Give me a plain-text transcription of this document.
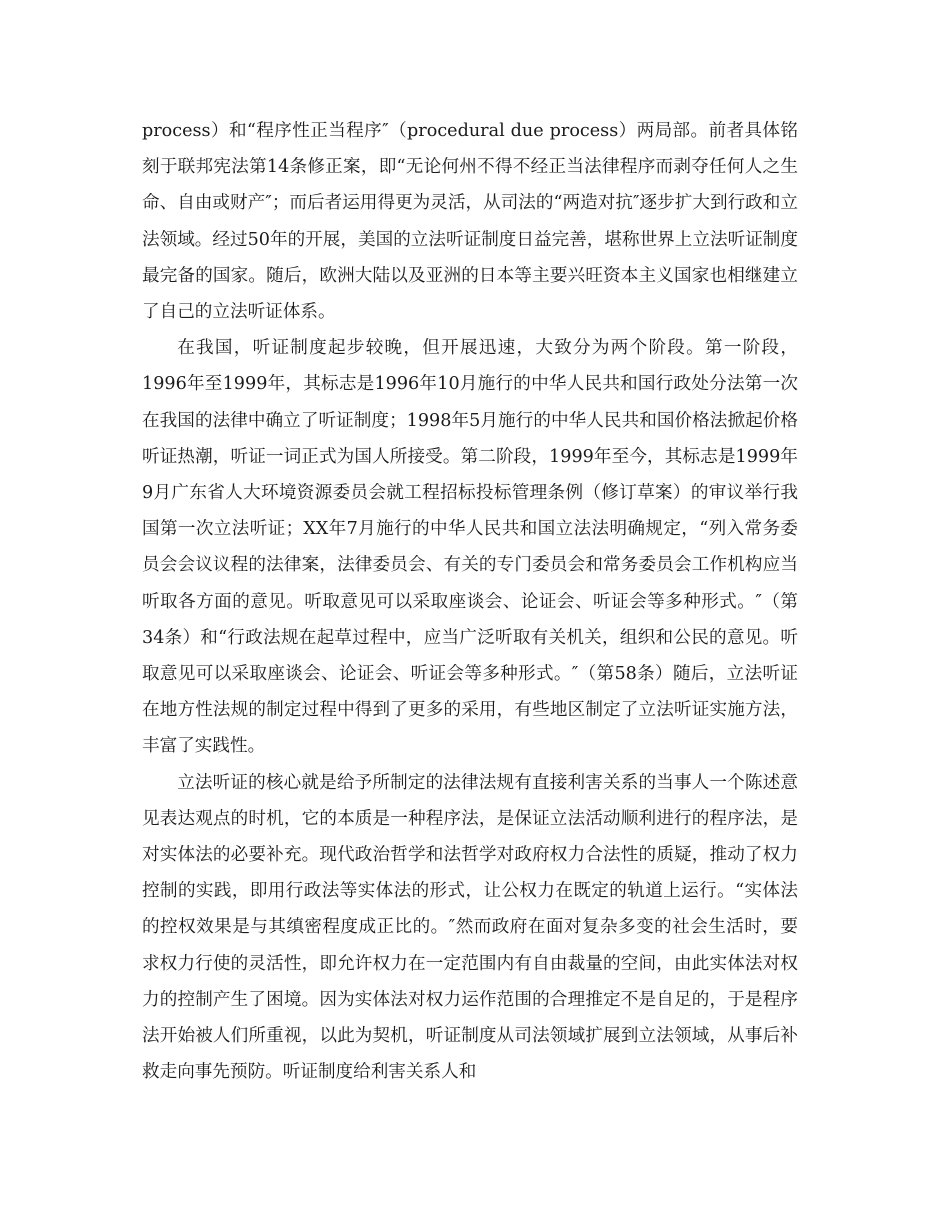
process）和“程序性正当程序″（procedural due process）两局部。前者具体铭刻于联邦宪法第14条修正案，即“无论何州不得不经正当法律程序而剥夺任何人之生命、自由或财产″；而后者运用得更为灵活，从司法的“两造对抗″逐步扩大到行政和立法领域。经过50年的开展，美国的立法听证制度日益完善，堪称世界上立法听证制度最完备的国家。随后，欧洲大陆以及亚洲的日本等主要兴旺资本主义国家也相继建立了自己的立法听证体系。

在我国，听证制度起步较晚，但开展迅速，大致分为两个阶段。第一阶段，1996年至1999年，其标志是1996年10月施行的中华人民共和国行政处分法第一次在我国的法律中确立了听证制度；1998年5月施行的中华人民共和国价格法掀起价格听证热潮，听证一词正式为国人所接受。第二阶段，1999年至今，其标志是1999年9月广东省人大环境资源委员会就工程招标投标管理条例（修订草案）的审议举行我国第一次立法听证；XX年7月施行的中华人民共和国立法法明确规定，“列入常务委员会会议议程的法律案，法律委员会、有关的专门委员会和常务委员会工作机构应当听取各方面的意见。听取意见可以采取座谈会、论证会、听证会等多种形式。″（第34条）和“行政法规在起草过程中，应当广泛听取有关机关，组织和公民的意见。听取意见可以采取座谈会、论证会、听证会等多种形式。″（第58条）随后，立法听证在地方性法规的制定过程中得到了更多的采用，有些地区制定了立法听证实施方法，丰富了实践性。

立法听证的核心就是给予所制定的法律法规有直接利害关系的当事人一个陈述意见表达观点的时机，它的本质是一种程序法，是保证立法活动顺利进行的程序法，是对实体法的必要补充。现代政治哲学和法哲学对政府权力合法性的质疑，推动了权力控制的实践，即用行政法等实体法的形式，让公权力在既定的轨道上运行。“实体法的控权效果是与其缜密程度成正比的。″然而政府在面对复杂多变的社会生活时，要求权力行使的灵活性，即允许权力在一定范围内有自由裁量的空间，由此实体法对权力的控制产生了困境。因为实体法对权力运作范围的合理推定不是自足的，于是程序法开始被人们所重视，以此为契机，听证制度从司法领域扩展到立法领域，从事后补救走向事先预防。听证制度给利害关系人和
